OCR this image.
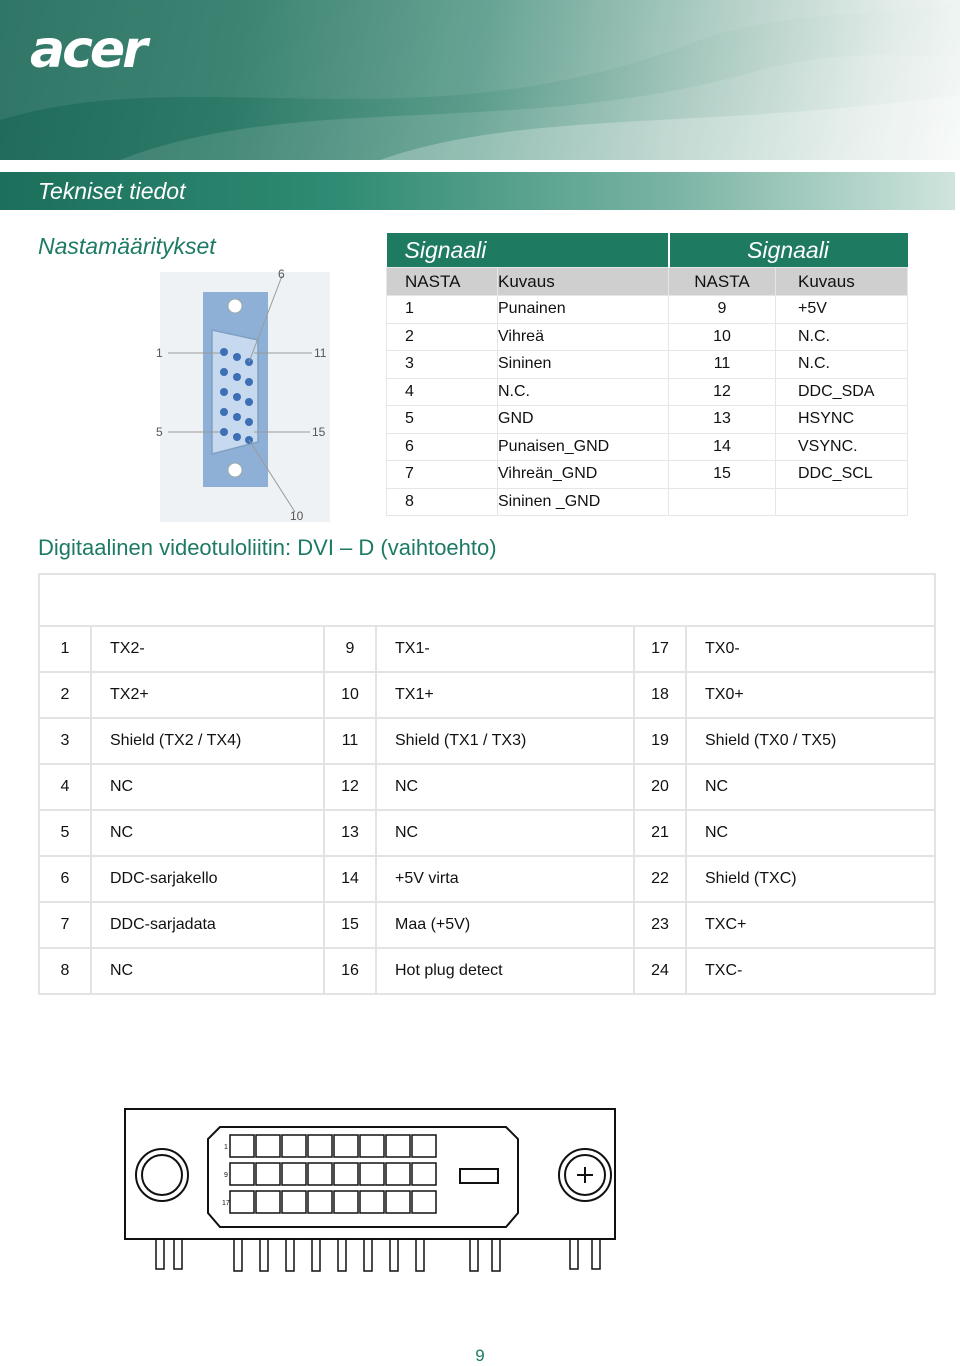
acer
Tekniset tiedot
Nastamääritykset
1
5
6
10
11
15
Signaali		Signaali	
NASTA	Kuvaus	NASTA	Kuvaus
1	Punainen	9	+5V
2	Vihreä	10	N.C.
3	Sininen	11	N.C.
4	N.C.	12	DDC_SDA
5	GND	13	HSYNC
6	Punaisen_GND	14	VSYNC.
7	Vihreän_GND	15	DDC_SCL
8	Sininen _GND		
Digitaalinen videotuloliitin: DVI – D (vaihtoehto)

1	TX2-	9	TX1-	17	TX0-
2	TX2+	10	TX1+	18	TX0+
3	Shield (TX2 / TX4)	11	Shield (TX1 / TX3)	19	Shield (TX0 / TX5)
4	NC	12	NC	20	NC
5	NC	13	NC	21	NC
6	DDC-sarjakello	14	+5V virta	22	Shield (TXC)
7	DDC-sarjadata	15	Maa (+5V)	23	TXC+
8	NC	16	Hot plug detect	24	TXC-
1
9
17
9
